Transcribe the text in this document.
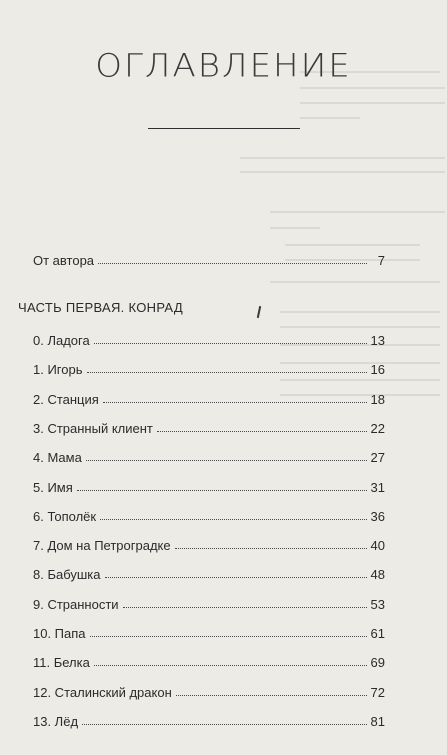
ОГЛАВЛЕНИЕ
От автора	7
ЧАСТЬ ПЕРВАЯ. КОНРАД
0. Ладога	13
1. Игорь	16
2. Станция	18
3. Странный клиент	22
4. Мама	27
5. Имя	31
6. Тополёк	36
7. Дом на Петроградке	40
8. Бабушка	48
9. Странности	53
10. Папа	61
11. Белка	69
12. Сталинский дракон	72
13. Лёд	81
